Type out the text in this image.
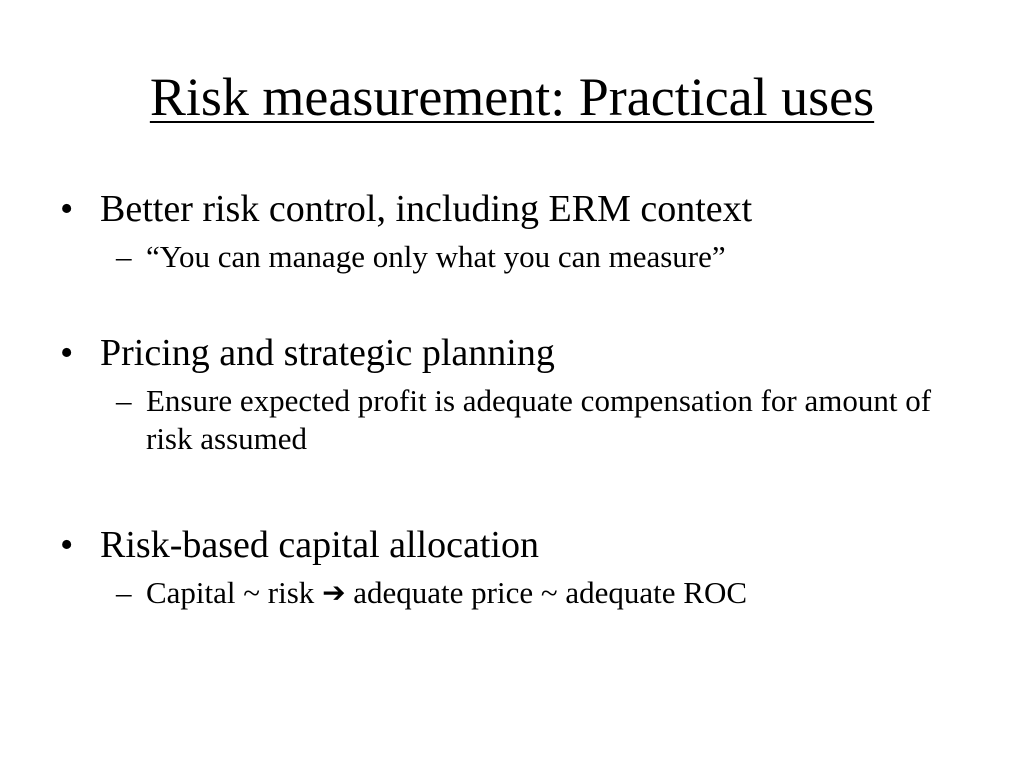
Risk measurement: Practical uses
• Better risk control, including ERM context
– “You can manage only what you can measure”
• Pricing and strategic planning
– Ensure expected profit is adequate compensation for amount of risk assumed
• Risk-based capital allocation
– Capital ~ risk ➔ adequate price ~ adequate ROC
